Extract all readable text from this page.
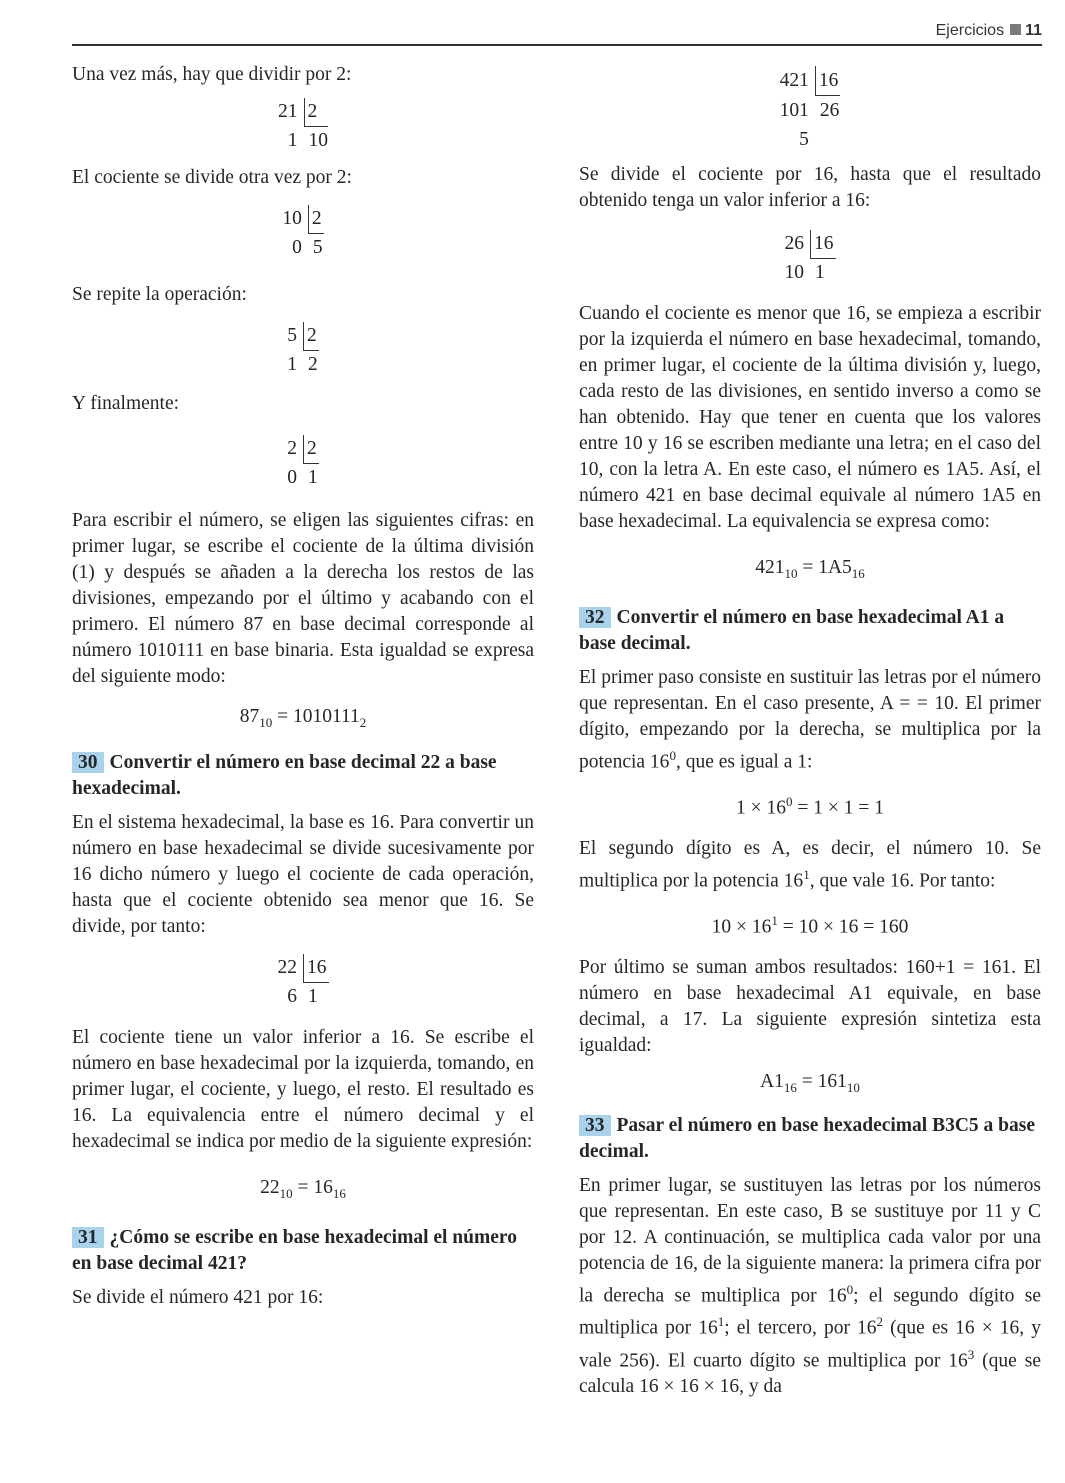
Ejercicios 11

Una vez más, hay que dividir por 2:

21 2
1 10

El cociente se divide otra vez por 2:

10 2
0 5

Se repite la operación:

5 2
1 2

Y finalmente:

2 2
0 1

Para escribir el número, se eligen las siguientes cifras: en primer lugar, se escribe el cociente de la última división (1) y después se añaden a la derecha los restos de las divisiones, empezando por el último y acabando con el primero. El número 87 en base decimal corresponde al número 1010111 en base binaria. Esta igualdad se expresa del siguiente modo:

$87_{10} = 1010111_2$
30 Convertir el número en base decimal 22 a base hexadecimal.

En el sistema hexadecimal, la base es 16. Para convertir un número en base hexadecimal se divide sucesivamente por 16 dicho número y luego el cociente de cada operación, hasta que el cociente obtenido sea menor que 16. Se divide, por tanto:

22 16
6 1

El cociente tiene un valor inferior a 16. Se escribe el número en base hexadecimal por la izquierda, tomando, en primer lugar, el cociente, y luego, el resto. El resultado es 16. La equivalencia entre el número decimal y el hexadecimal se indica por medio de la siguiente expresión:

$22_{10} = 16_{16}$
31 ¿Cómo se escribe en base hexadecimal el número en base decimal 421?

Se divide el número 421 por 16:

421 16
101 26
5

Se divide el cociente por 16, hasta que el resultado obtenido tenga un valor inferior a 16:

26 16
10 1

Cuando el cociente es menor que 16, se empieza a escribir por la izquierda el número en base hexadecimal, tomando, en primer lugar, el cociente de la última división y, luego, cada resto de las divisiones, en sentido inverso a como se han obtenido. Hay que tener en cuenta que los valores entre 10 y 16 se escriben mediante una letra; en el caso del 10, con la letra A. En este caso, el número es 1A5. Así, el número 421 en base decimal equivale al número 1A5 en base hexadecimal. La equivalencia se expresa como:

$421_{10} = 1A5_{16}$
32 Convertir el número en base hexadecimal A1 a base decimal.

El primer paso consiste en sustituir las letras por el número que representan. En el caso presente, A = = 10. El primer dígito, empezando por la derecha, se multiplica por la potencia $16^0$, que es igual a 1:

$1 \times 16^0 = 1 \times 1 = 1$

El segundo dígito es A, es decir, el número 10. Se multiplica por la potencia $16^1$, que vale 16. Por tanto:

$10 \times 16^1 = 10 \times 16 = 160$

Por último se suman ambos resultados: 160+1 = 161. El número en base hexadecimal A1 equivale, en base decimal, a 17. La siguiente expresión sintetiza esta igualdad:

$A1_{16} = 161_{10}$
33 Pasar el número en base hexadecimal B3C5 a base decimal.

En primer lugar, se sustituyen las letras por los números que representan. En este caso, B se sustituye por 11 y C por 12. A continuación, se multiplica cada valor por una potencia de 16, de la siguiente manera: la primera cifra por la derecha se multiplica por $16^0$; el segundo dígito se multiplica por $16^1$; el tercero, por $16^2$ (que es 16 × 16, y vale 256). El cuarto dígito se multiplica por $16^3$ (que se calcula 16 × 16 × 16, y da
